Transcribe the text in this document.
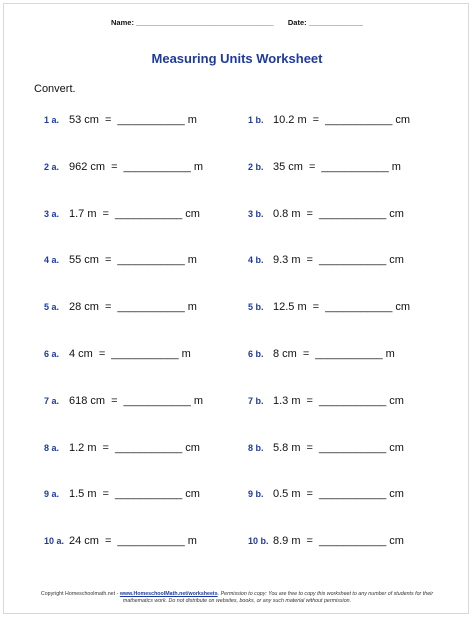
Name: _________________________________ Date: _____________
Measuring Units Worksheet
Convert.
1 a. 53 cm = ___________ m	1 b. 10.2 m = ___________ cm
2 a. 962 cm = ___________ m	2 b. 35 cm = ___________ m
3 a. 1.7 m = ___________ cm	3 b. 0.8 m = ___________ cm
4 a. 55 cm = ___________ m	4 b. 9.3 m = ___________ cm
5 a. 28 cm = ___________ m	5 b. 12.5 m = ___________ cm
6 a. 4 cm = ___________ m	6 b. 8 cm = ___________ m
7 a. 618 cm = ___________ m	7 b. 1.3 m = ___________ cm
8 a. 1.2 m = ___________ cm	8 b. 5.8 m = ___________ cm
9 a. 1.5 m = ___________ cm	9 b. 0.5 m = ___________ cm
10 a. 24 cm = ___________ m	10 b. 8.9 m = ___________ cm
Copyright Homeschoolmath.net - www.HomeschoolMath.net/worksheets. Permission to copy: You are free to copy this worksheet to any number of students for their mathematics work. Do not distribute on websites, books, or any such material without permission.
